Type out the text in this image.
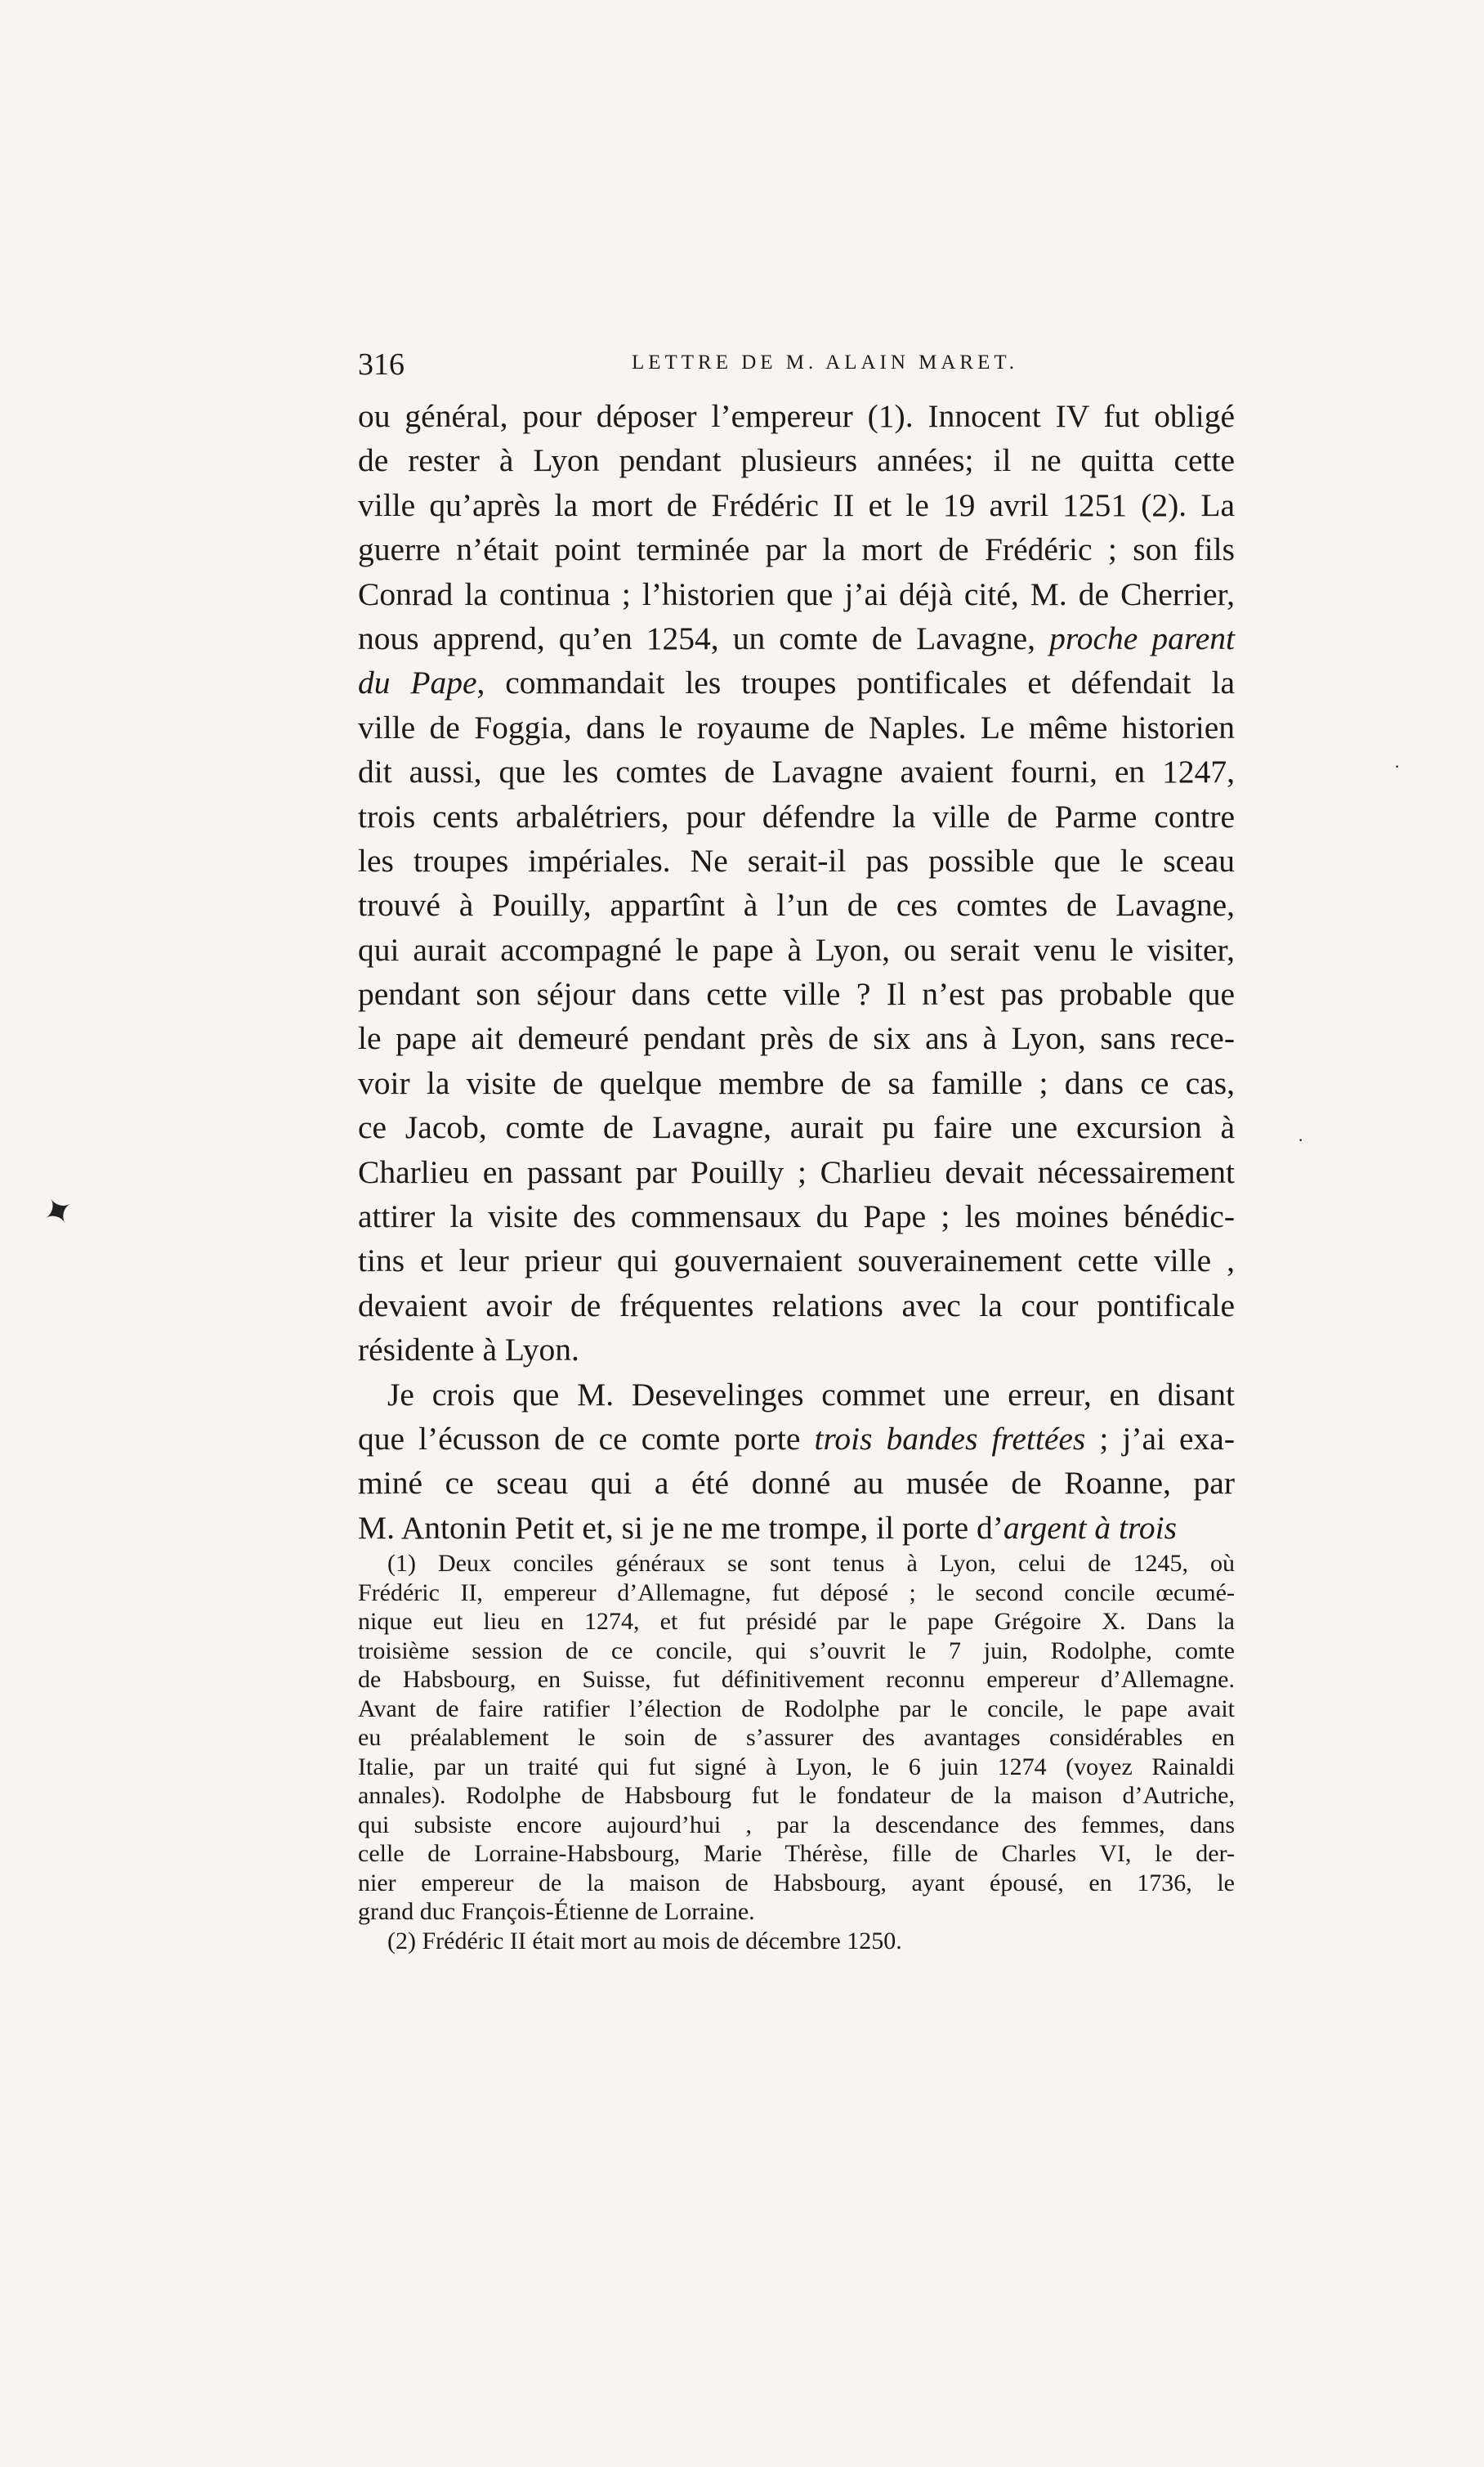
316	LETTRE DE M. ALAIN MARET.
ou général, pour déposer l’empereur (1). Innocent IV fut obligé
de rester à Lyon pendant plusieurs années; il ne quitta cette
ville qu’après la mort de Frédéric II et le 19 avril 1251 (2). La
guerre n’était point terminée par la mort de Frédéric ; son fils
Conrad la continua ; l’historien que j’ai déjà cité, M. de Cherrier,
nous apprend, qu’en 1254, un comte de Lavagne, proche parent
du Pape, commandait les troupes pontificales et défendait la
ville de Foggia, dans le royaume de Naples. Le même historien
dit aussi, que les comtes de Lavagne avaient fourni, en 1247,
trois cents arbalétriers, pour défendre la ville de Parme contre
les troupes impériales. Ne serait-il pas possible que le sceau
trouvé à Pouilly, appartînt à l’un de ces comtes de Lavagne,
qui aurait accompagné le pape à Lyon, ou serait venu le visiter,
pendant son séjour dans cette ville ? Il n’est pas probable que
le pape ait demeuré pendant près de six ans à Lyon, sans rece-
voir la visite de quelque membre de sa famille ; dans ce cas,
ce Jacob, comte de Lavagne, aurait pu faire une excursion à
Charlieu en passant par Pouilly ; Charlieu devait nécessairement
attirer la visite des commensaux du Pape ; les moines bénédic-
tins et leur prieur qui gouvernaient souverainement cette ville ,
devaient avoir de fréquentes relations avec la cour pontificale
résidente à Lyon.
Je crois que M. Desevelinges commet une erreur, en disant
que l’écusson de ce comte porte trois bandes frettées ; j’ai exa-
miné ce sceau qui a été donné au musée de Roanne, par
M. Antonin Petit et, si je ne me trompe, il porte d’argent à trois
(1) Deux conciles généraux se sont tenus à Lyon, celui de 1245, où
Frédéric II, empereur d’Allemagne, fut déposé ; le second concile œcumé-
nique eut lieu en 1274, et fut présidé par le pape Grégoire X. Dans la
troisième session de ce concile, qui s’ouvrit le 7 juin, Rodolphe, comte
de Habsbourg, en Suisse, fut définitivement reconnu empereur d’Allemagne.
Avant de faire ratifier l’élection de Rodolphe par le concile, le pape avait
eu préalablement le soin de s’assurer des avantages considérables en
Italie, par un traité qui fut signé à Lyon, le 6 juin 1274 (voyez Rainaldi
annales). Rodolphe de Habsbourg fut le fondateur de la maison d’Autriche,
qui subsiste encore aujourd’hui , par la descendance des femmes, dans
celle de Lorraine-Habsbourg, Marie Thérèse, fille de Charles VI, le der-
nier empereur de la maison de Habsbourg, ayant épousé, en 1736, le
grand duc François-Étienne de Lorraine.
(2) Frédéric II était mort au mois de décembre 1250.
✦
·
·
